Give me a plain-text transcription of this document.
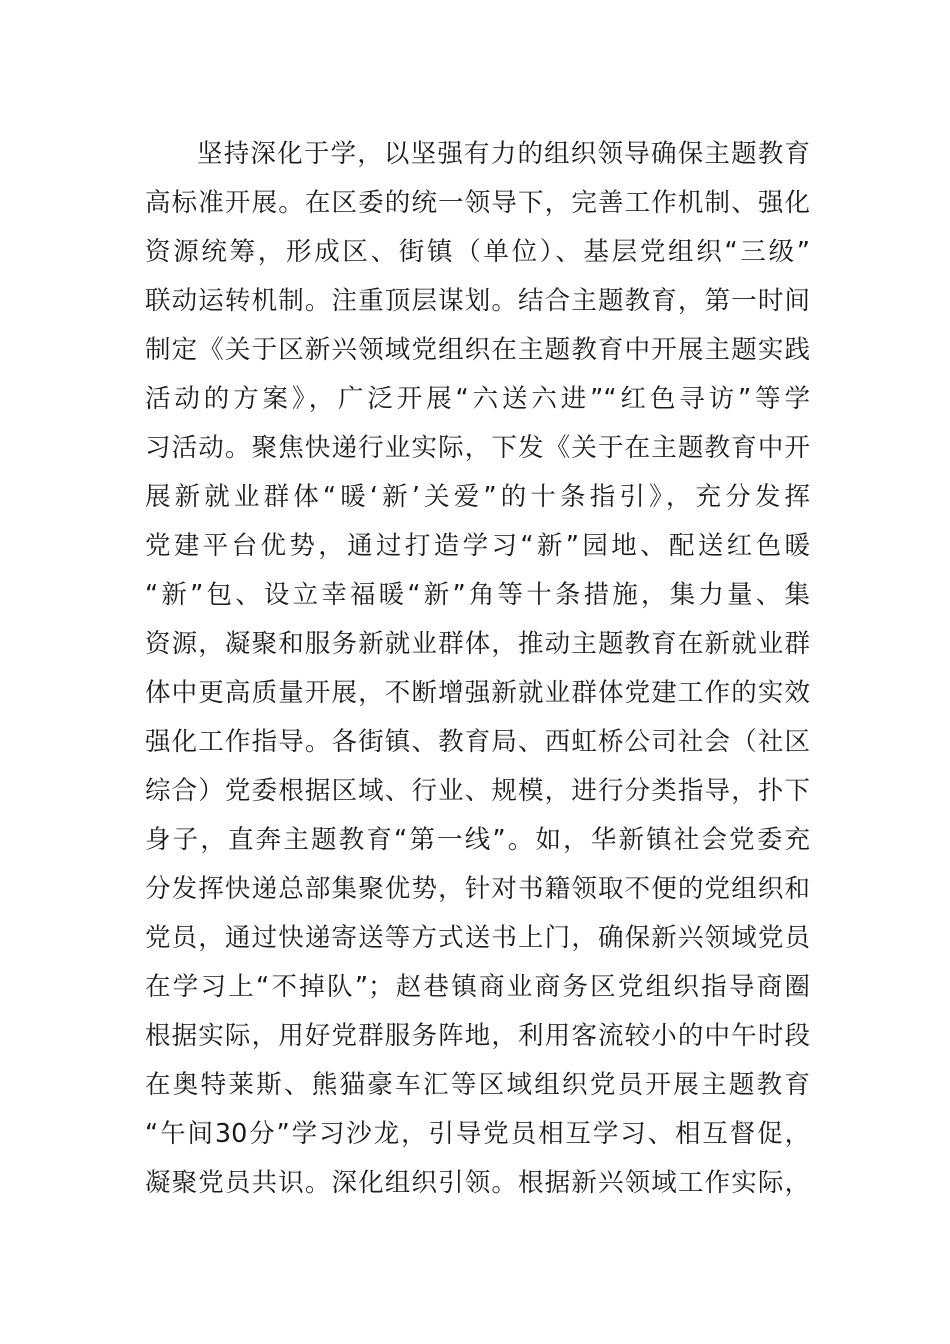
坚持深化于学，以坚强有力的组织领导确保主题教育
高标准开展。在区委的统一领导下，完善工作机制、强化
资源统筹，形成区、街镇（单位）、基层党组织“三级”
联动运转机制。注重顶层谋划。结合主题教育，第一时间
制定《关于区新兴领域党组织在主题教育中开展主题实践
活动的方案》，广泛开展“六送六进”“红色寻访”等学
习活动。聚焦快递行业实际，下发《关于在主题教育中开
展新就业群体“暖‘新’关爱”的十条指引》，充分发挥
党建平台优势，通过打造学习“新”园地、配送红色暖
“新”包、设立幸福暖“新”角等十条措施，集力量、集
资源，凝聚和服务新就业群体，推动主题教育在新就业群
体中更高质量开展，不断增强新就业群体党建工作的实效
强化工作指导。各街镇、教育局、西虹桥公司社会（社区
综合）党委根据区域、行业、规模，进行分类指导，扑下
身子，直奔主题教育“第一线”。如，华新镇社会党委充
分发挥快递总部集聚优势，针对书籍领取不便的党组织和
党员，通过快递寄送等方式送书上门，确保新兴领域党员
在学习上“不掉队”；赵巷镇商业商务区党组织指导商圈
根据实际，用好党群服务阵地，利用客流较小的中午时段
在奥特莱斯、熊猫豪车汇等区域组织党员开展主题教育
“午间30分”学习沙龙，引导党员相互学习、相互督促，
凝聚党员共识。深化组织引领。根据新兴领域工作实际，
